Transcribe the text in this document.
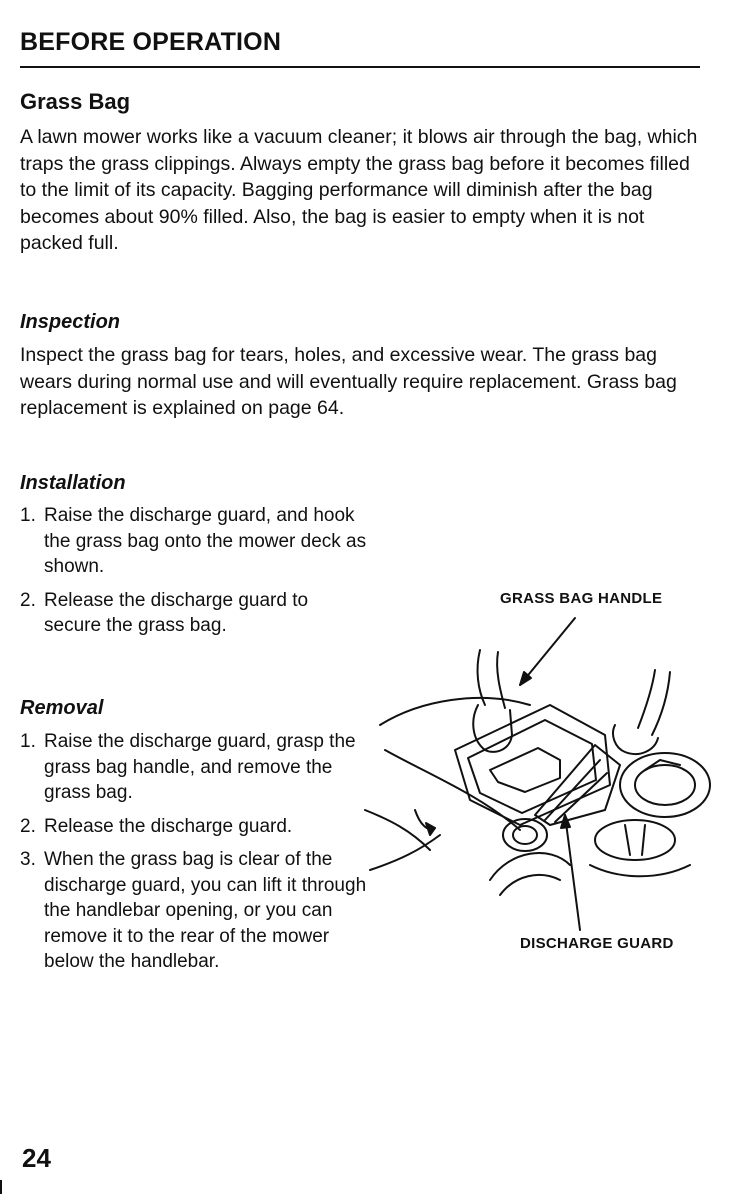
BEFORE OPERATION
Grass Bag
A lawn mower works like a vacuum cleaner; it blows air through the bag, which traps the grass clippings. Always empty the grass bag before it becomes filled to the limit of its capacity. Bagging performance will diminish after the bag becomes about 90% filled. Also, the bag is easier to empty when it is not packed full.
Inspection
Inspect the grass bag for tears, holes, and excessive wear. The grass bag wears during normal use and will eventually require replacement. Grass bag replacement is explained on page 64.
Installation
1. Raise the discharge guard, and hook the grass bag onto the mower deck as shown.
2. Release the discharge guard to secure the grass bag.
Removal
1. Raise the discharge guard, grasp the grass bag handle, and remove the grass bag.
2. Release the discharge guard.
3. When the grass bag is clear of the discharge guard, you can lift it through the handlebar opening, or you can remove it to the rear of the mower below the handlebar.
GRASS BAG HANDLE
DISCHARGE GUARD
24
